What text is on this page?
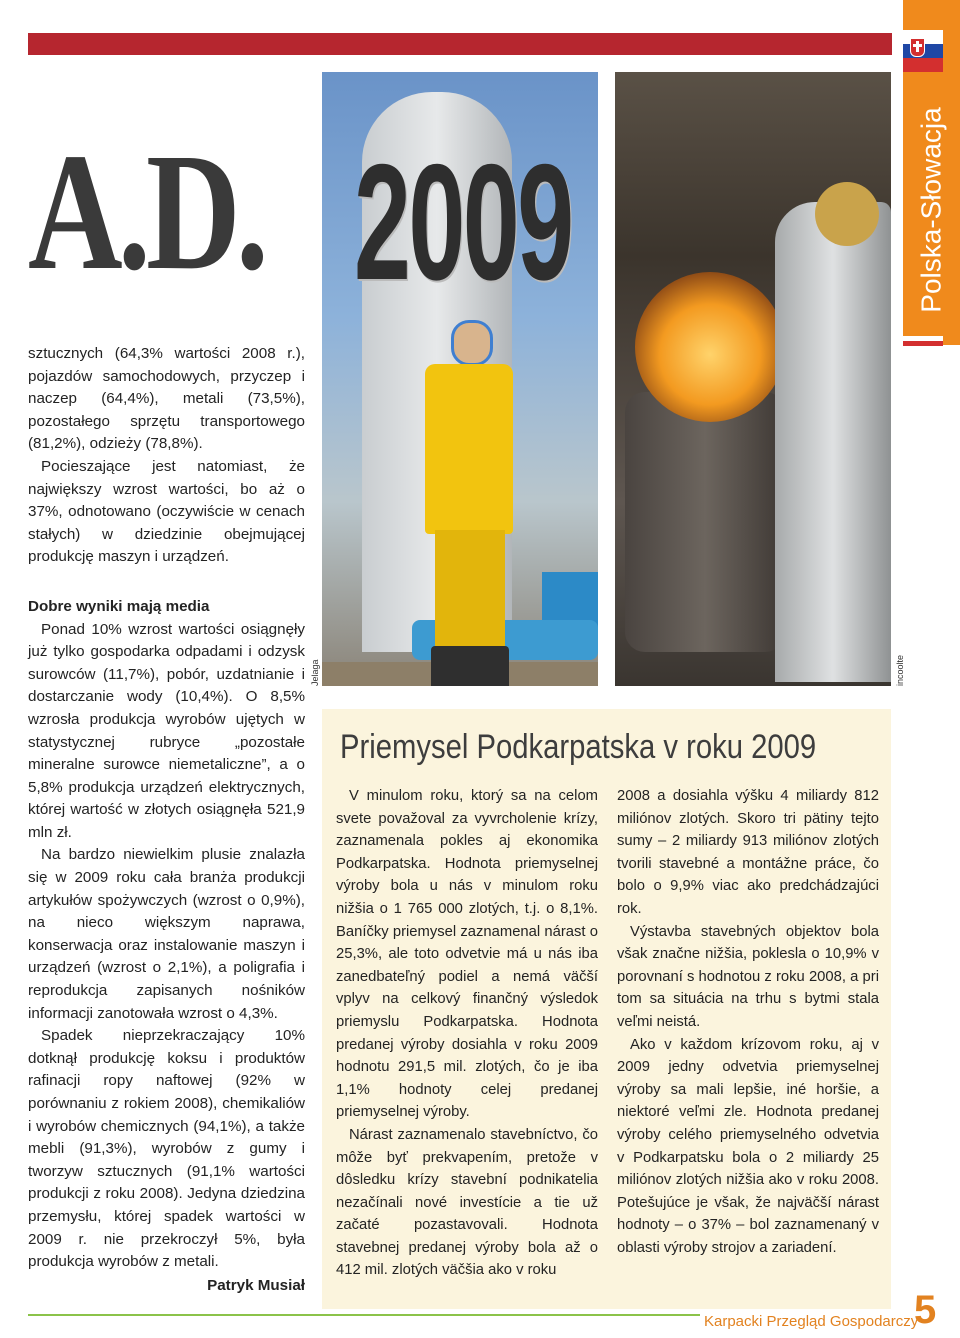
Polska-Słowacja
Jelaga	incoolte
A.D. 2009

sztucznych (64,3% wartości 2008 r.), pojazdów samochodowych, przyczep i naczep (64,4%), metali (73,5%), pozostałego sprzętu transportowego (81,2%), odzieży (78,8%).

Pocieszające jest natomiast, że największy wzrost wartości, bo aż o 37%, odnotowano (oczywiście w cenach stałych) w dziedzinie obejmującej produkcję maszyn i urządzeń.

Dobre wyniki mają media

Ponad 10% wzrost wartości osiągnęły już tylko gospodarka odpadami i odzysk surowców (11,7%), pobór, uzdatnianie i dostarczanie wody (10,4%). O 8,5% wzrosła produkcja wyrobów ujętych w statystycznej rubryce „pozostałe mineralne surowce niemetaliczne”, a o 5,8% produkcja urządzeń elektrycznych, której wartość w złotych osiągnęła 521,9 mln zł.

Na bardzo niewielkim plusie znalazła się w 2009 roku cała branża produkcji artykułów spożywczych (wzrost o 0,9%), na nieco większym naprawa, konserwacja oraz instalowanie maszyn i urządzeń (wzrost o 2,1%), a poligrafia i reprodukcja zapisanych nośników informacji zanotowała wzrost o 4,3%.

Spadek nieprzekraczający 10% dotknął produkcję koksu i produktów rafinacji ropy naftowej (92% w porównaniu z rokiem 2008), chemikaliów i wyrobów chemicznych (94,1%), a także mebli (91,3%), wyrobów z gumy i tworzyw sztucznych (91,1% wartości produkcji z roku 2008). Jedyna dziedzina przemysłu, której spadek wartości w 2009 r. nie przekroczył 5%, była produkcja wyrobów z metali.

Patryk Musiał

Priemysel Podkarpatska v roku 2009

V minulom roku, ktorý sa na celom svete považoval za vyvrcholenie krízy, zaznamenala pokles aj ekonomika Podkarpatska. Hodnota priemyselnej výroby bola u nás v minulom roku nižšia o 1 765 000 zlotých, t.j. o 8,1%. Baníčky priemysel zaznamenal nárast o 25,3%, ale toto odvetvie má u nás iba zanedbateľný podiel a nemá väčší vplyv na celkový finančný výsledok priemyslu Podkarpatska. Hodnota predanej výroby dosiahla v roku 2009 hodnotu 291,5 mil. zlotých, čo je iba 1,1% hodnoty celej predanej priemyselnej výroby.

Nárast zaznamenalo stavebníctvo, čo môže byť prekvapením, pretože v dôsledku krízy stavební podnikatelia nezačínali nové investície a tie už začaté pozastavovali. Hodnota stavebnej predanej výroby bola až o 412 mil. zlotých väčšia ako v roku

2008 a dosiahla výšku 4 miliardy 812 miliónov zlotých. Skoro tri pätiny tejto sumy – 2 miliardy 913 miliónov zlotých tvorili stavebné a montážne práce, čo bolo o 9,9% viac ako predchádzajúci rok.

Výstavba stavebných objektov bola však značne nižšia, poklesla o 10,9% v porovnaní s hodnotou z roku 2008, a pri tom sa situácia na trhu s bytmi stala veľmi neistá.

Ako v každom krízovom roku, aj v 2009 jedny odvetvia priemyselnej výroby sa mali lepšie, iné horšie, a niektoré veľmi zle. Hodnota predanej výroby celého priemyselného odvetvia v Podkarpatsku bola o 2 miliardy 25 miliónov zlotých nižšia ako v roku 2008. Potešujúce je však, že najväčší nárast hodnoty – o 37% – bol zaznamenaný v oblasti výroby strojov a zariadení.

Karpacki Przegląd Gospodarczy
5
